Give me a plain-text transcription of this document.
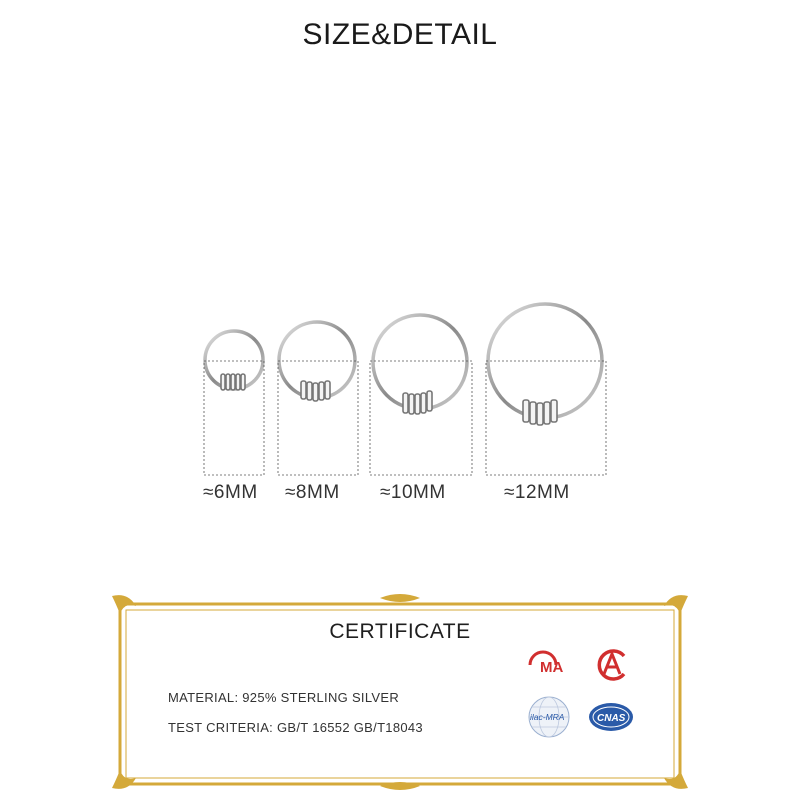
SIZE&DETAIL
≈6MM ≈8MM ≈10MM	≈12MM
CERTIFICATE
MATERIAL: 925% STERLING SILVER
TEST CRITERIA: GB/T 16552 GB/T18043
MA
ilac-MRA	CNAS
